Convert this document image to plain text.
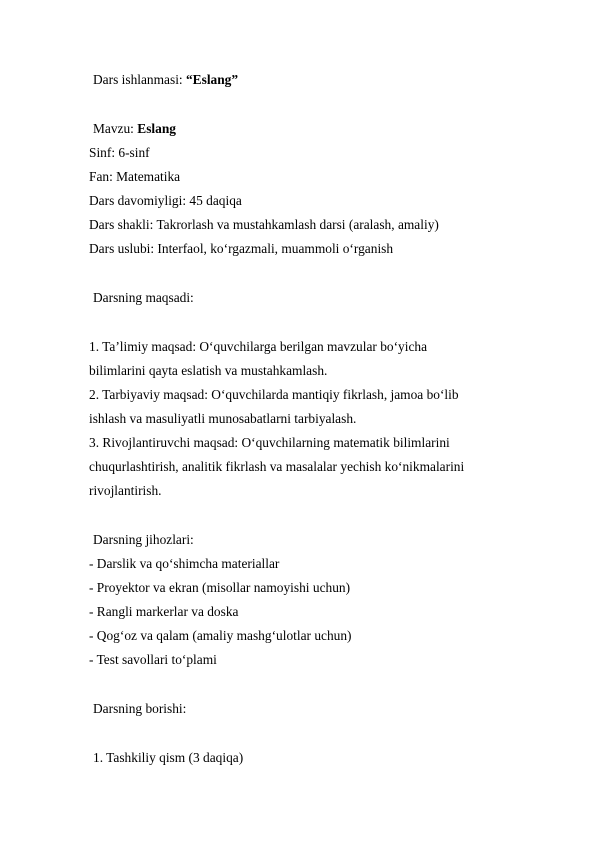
Dars ishlanmasi: “Eslang”
Mavzu: Eslang
Sinf: 6-sinf
Fan: Matematika
Dars davomiyligi: 45 daqiqa
Dars shakli: Takrorlash va mustahkamlash darsi (aralash, amaliy)
Dars uslubi: Interfaol, ko‘rgazmali, muammoli o‘rganish
Darsning maqsadi:
1. Ta’limiy maqsad: O‘quvchilarga berilgan mavzular bo‘yicha
bilimlarini qayta eslatish va mustahkamlash.
2. Tarbiyaviy maqsad: O‘quvchilarda mantiqiy fikrlash, jamoa bo‘lib
ishlash va masuliyatli munosabatlarni tarbiyalash.
3. Rivojlantiruvchi maqsad: O‘quvchilarning matematik bilimlarini
chuqurlashtirish, analitik fikrlash va masalalar yechish ko‘nikmalarini
rivojlantirish.
Darsning jihozlari:
- Darslik va qo‘shimcha materiallar
- Proyektor va ekran (misollar namoyishi uchun)
- Rangli markerlar va doska
- Qog‘oz va qalam (amaliy mashg‘ulotlar uchun)
- Test savollari to‘plami
Darsning borishi:
1. Tashkiliy qism (3 daqiqa)
